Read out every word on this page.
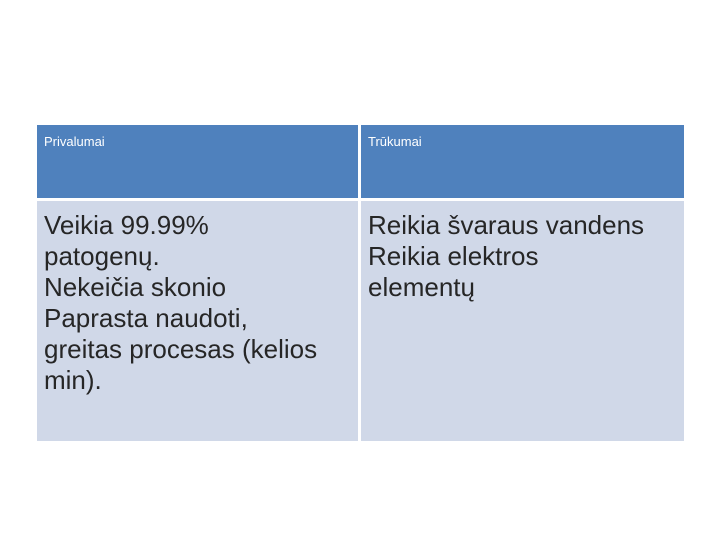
Privalumai	Trūkumai
Veikia 99.99%
patogenų.
Nekeičia skonio
Paprasta naudoti,
greitas procesas (kelios
min).
Reikia švaraus vandens
Reikia elektros
elementų
